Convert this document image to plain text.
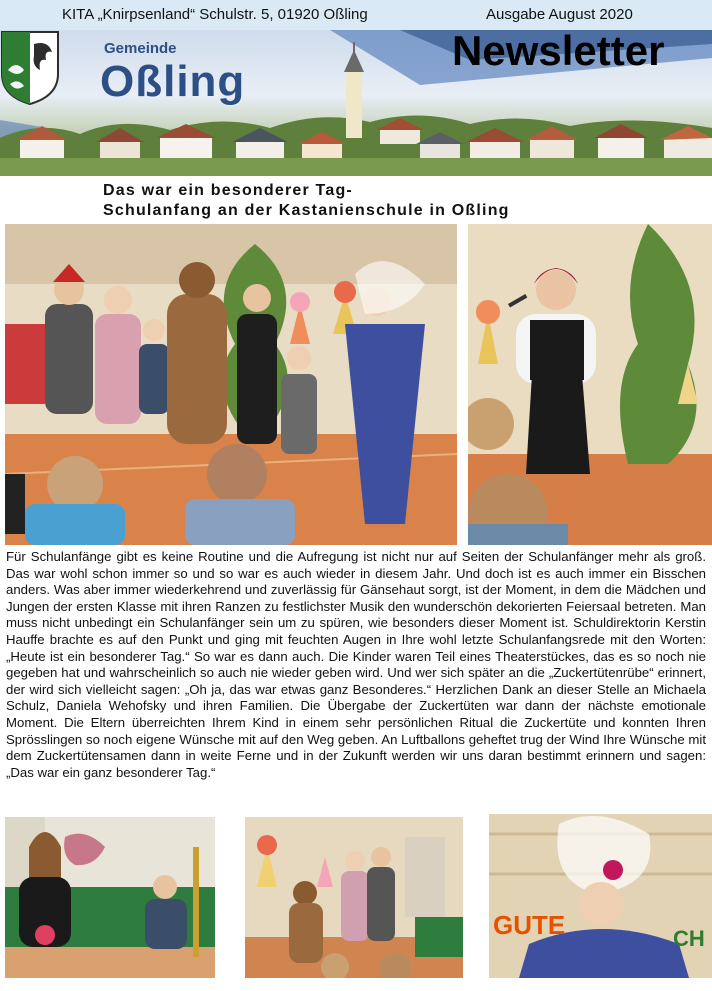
KITA „Knirpsenland“ Schulstr. 5, 01920 Oßling	Ausgabe August 2020
Gemeinde
Oßling
Newsletter
Das war ein besonderer Tag-
Schulanfang an der Kastanienschule in Oßling
Für Schulanfänge gibt es keine Routine und die Aufregung ist nicht nur auf Seiten der Schulanfänger mehr als groß. Das war wohl schon immer so und so war es auch wieder in diesem Jahr. Und doch ist es auch immer ein Bisschen anders. Was aber immer wiederkehrend und zuverlässig für Gänsehaut sorgt, ist der Moment, in dem die Mädchen und Jungen der ersten Klasse mit ihren Ranzen zu festlichster Musik den wunderschön dekorierten Feiersaal betreten. Man muss nicht unbedingt ein Schulanfänger sein um zu spüren, wie besonders dieser Moment ist. Schuldirektorin Kerstin Hauffe brachte es auf den Punkt und ging mit feuchten Augen in Ihre wohl letzte Schulanfangsrede mit den Worten: „Heute ist ein besonderer Tag.“ So war es dann auch. Die Kinder waren Teil eines Theaterstückes, das es so noch nie gegeben hat und wahrscheinlich so auch nie wieder geben wird. Und wer sich später an die „Zuckertütenrübe“ erinnert, der wird sich vielleicht sagen: „Oh ja, das war etwas ganz Besonderes.“ Herzlichen Dank an dieser Stelle an Michaela Schulz, Daniela Wehofsky und ihren Familien. Die Übergabe der Zuckertüten war dann der nächste emotionale Moment. Die Eltern überreichten Ihrem Kind in einem sehr persönlichen Ritual die Zuckertüte und konnten Ihren Sprösslingen so noch eigene Wünsche mit auf den Weg geben. An Luftballons geheftet trug der Wind Ihre Wünsche mit dem Zuckertütensamen dann in weite Ferne und in der Zukunft werden wir uns daran bestimmt erinnern und sagen: „Das war ein ganz besonderer Tag.“
GUTE	CH
